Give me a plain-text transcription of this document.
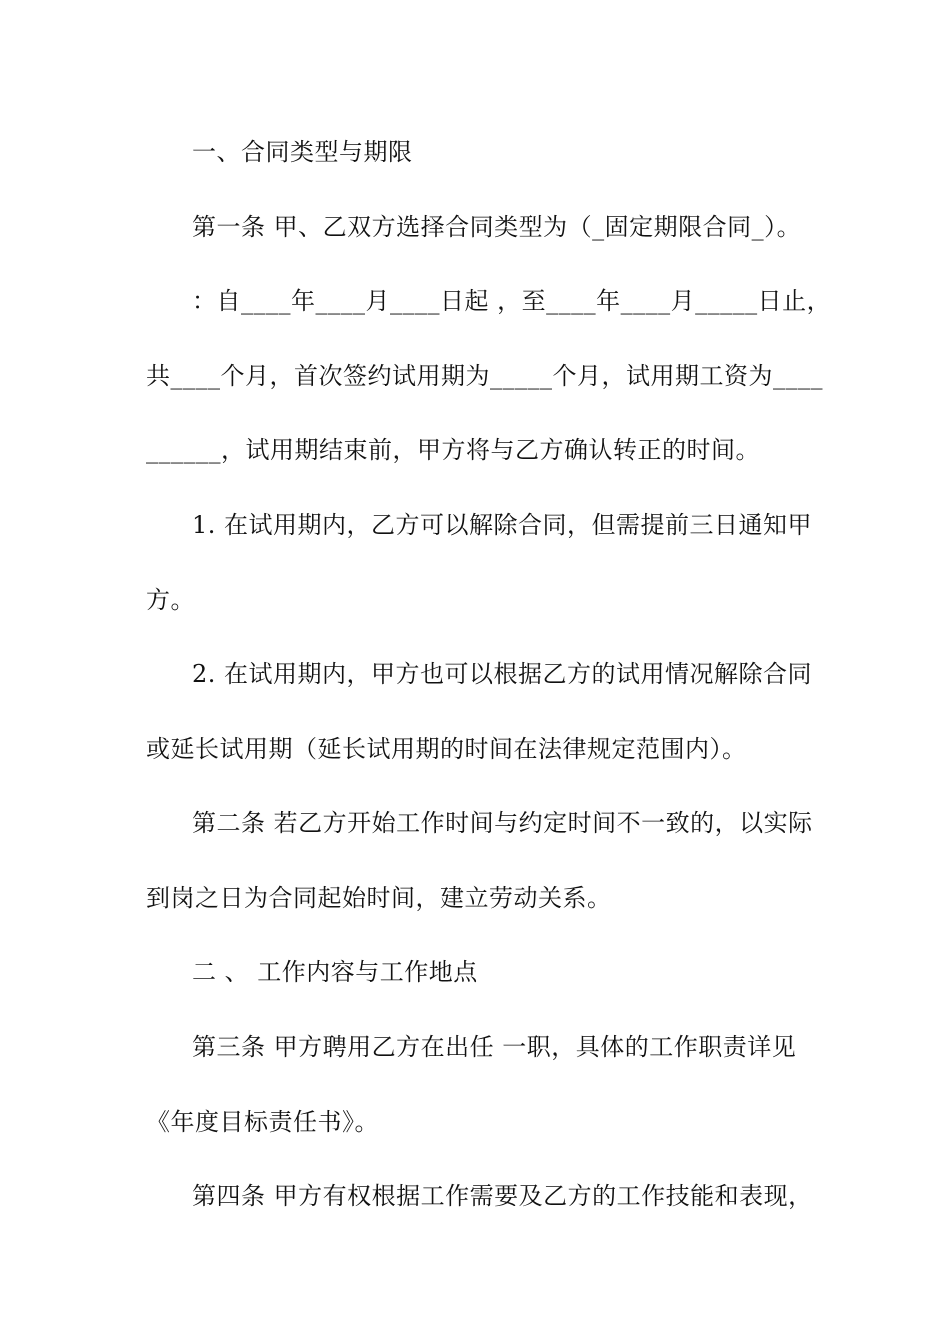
一、合同类型与期限
第一条 甲、乙双方选择合同类型为（_固定期限合同_）。
：自____年____月____日起 ，至____年____月_____日止，
共____个月，首次签约试用期为_____个月，试用期工资为____
______，试用期结束前，甲方将与乙方确认转正的时间。
1. 在试用期内，乙方可以解除合同，但需提前三日通知甲
方。
2. 在试用期内，甲方也可以根据乙方的试用情况解除合同
或延长试用期（延长试用期的时间在法律规定范围内）。
第二条 若乙方开始工作时间与约定时间不一致的，以实际
到岗之日为合同起始时间，建立劳动关系。
二 、 工作内容与工作地点
第三条 甲方聘用乙方在出任 一职，具体的工作职责详见
《年度目标责任书》。
第四条 甲方有权根据工作需要及乙方的工作技能和表现，
